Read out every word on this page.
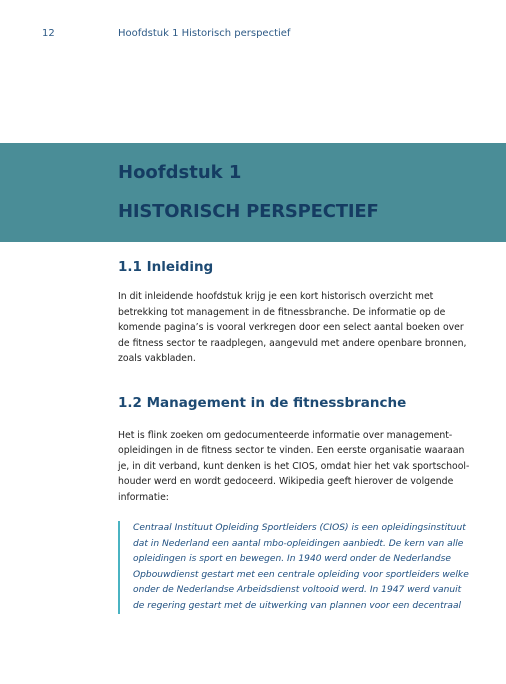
12	Hoofdstuk 1 Historisch perspectief
Hoofdstuk 1
HISTORISCH PERSPECTIEF
1.1 Inleiding

In dit inleidende hoofdstuk krijg je een kort historisch overzicht met
betrekking tot management in de fitnessbranche. De informatie op de
komende pagina’s is vooral verkregen door een select aantal boeken over
de fitness sector te raadplegen, aangevuld met andere openbare bronnen,
zoals vakbladen.

1.2 Management in de fitnessbranche

Het is flink zoeken om gedocumenteerde informatie over management-
opleidingen in de fitness sector te vinden. Een eerste organisatie waaraan
je, in dit verband, kunt denken is het CIOS, omdat hier het vak sportschool-
houder werd en wordt gedoceerd. Wikipedia geeft hierover de volgende
informatie:

Centraal Instituut Opleiding Sportleiders (CIOS) is een opleidingsinstituut
dat in Nederland een aantal mbo-opleidingen aanbiedt. De kern van alle
opleidingen is sport en bewegen. In 1940 werd onder de Nederlandse
Opbouwdienst gestart met een centrale opleiding voor sportleiders welke
onder de Nederlandse Arbeidsdienst voltooid werd. In 1947 werd vanuit
de regering gestart met de uitwerking van plannen voor een decentraal
